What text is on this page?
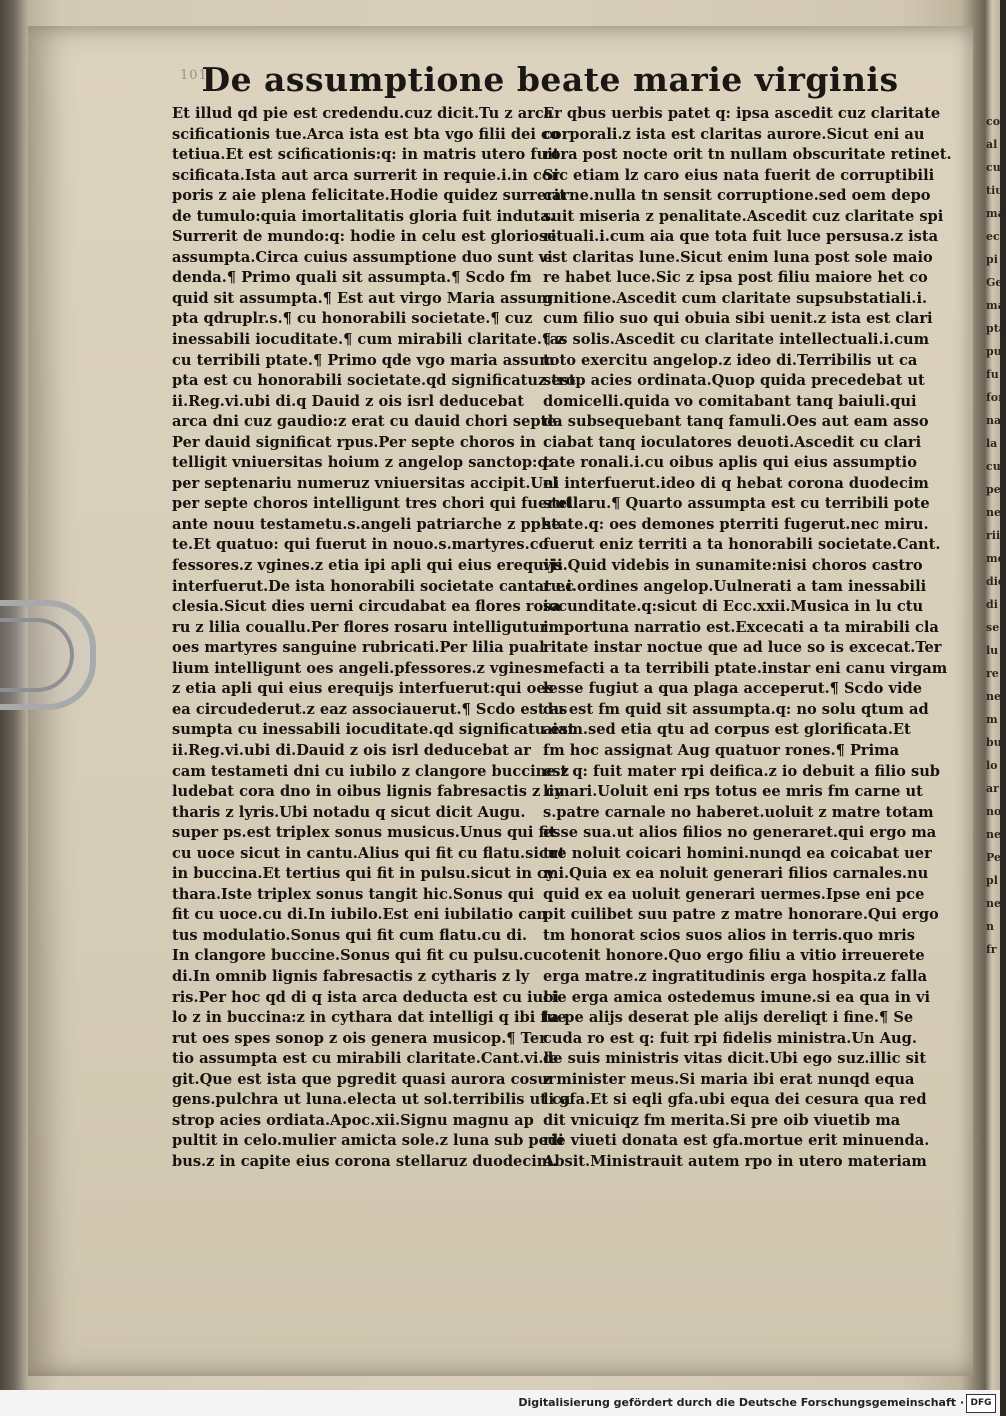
101
De assumptione beate marie virginis
Et illud qd pie est credendu.cuz dicit.Tu z arca
scificationis tue.Arca ista est bta vgo filii dei co
tetiua.Et est scificationis:q: in matris utero fuit
scificata.Ista aut arca surrerit in requie.i.in cor
poris z aie plena felicitate.Hodie quidez surrerit
de tumulo:quia imortalitatis gloria fuit induta.
Surrerit de mundo:q: hodie in celu est gloriose
assumpta.Circa cuius assumptione duo sunt vi
denda.¶ Primo quali sit assumpta.¶ Scdo fm
quid sit assumpta.¶ Est aut virgo Maria assum
pta qdruplr.s.¶ cu honorabili societate.¶ cuz
inessabili iocuditate.¶ cum mirabili claritate.¶ z
cu terribili ptate.¶ Primo qde vgo maria assum
pta est cu honorabili societate.qd significatuz est
ii.Reg.vi.ubi di.q Dauid z ois isrl deducebat
arca dni cuz gaudio:z erat cu dauid chori septe.
Per dauid significat rpus.Per septe choros in
telligit vniuersitas hoium z angelop sanctop:q:
per septenariu numeruz vniuersitas accipit.Uel
per septe choros intelligunt tres chori qui fuerut
ante nouu testametu.s.angeli patriarche z pphe
te.Et quatuo: qui fuerut in nouo.s.martyres.co
fessores.z vgines.z etia ipi apli qui eius erequijs
interfuerut.De ista honorabili societate cantat ec
clesia.Sicut dies uerni circudabat ea flores rosa
ru z lilia couallu.Per flores rosaru intelligutur
oes martyres sanguine rubricati.Per lilia pual
lium intelligunt oes angeli.pfessores.z vgines.
z etia apli qui eius erequijs interfuerut:qui oes
ea circudederut.z eaz associauerut.¶ Scdo est as
sumpta cu inessabili iocuditate.qd significatu est
ii.Reg.vi.ubi di.Dauid z ois isrl deducebat ar
cam testameti dni cu iubilo z clangore buccine.z
ludebat cora dno in oibus lignis fabresactis z cy
tharis z lyris.Ubi notadu q sicut dicit Augu.
super ps.est triplex sonus musicus.Unus qui fit
cu uoce sicut in cantu.Alius qui fit cu flatu.sicut
in buccina.Et tertius qui fit in pulsu.sicut in cy
thara.Iste triplex sonus tangit hic.Sonus qui
fit cu uoce.cu di.In iubilo.Est eni iubilatio can
tus modulatio.Sonus qui fit cum flatu.cu di.
In clangore buccine.Sonus qui fit cu pulsu.cu
di.In omnib lignis fabresactis z cytharis z ly
ris.Per hoc qd di q ista arca deducta est cu iubi
lo z in buccina:z in cythara dat intelligi q ibi fue
rut oes spes sonop z ois genera musicop.¶ Ter
tio assumpta est cu mirabili claritate.Cant.vi.le
git.Que est ista que pgredit quasi aurora cosur
gens.pulchra ut luna.electa ut sol.terribilis ut ca
strop acies ordiata.Apoc.xii.Signu magnu ap
pultit in celo.mulier amicta sole.z luna sub pedi
bus.z in capite eius corona stellaruz duodecim.
Er qbus uerbis patet q: ipsa ascedit cuz claritate
corporali.z ista est claritas aurore.Sicut eni au
rora post nocte orit tn nullam obscuritate retinet.
Sic etiam lz caro eius nata fuerit de corruptibili
carne.nulla tn sensit corruptione.sed oem depo
suit miseria z penalitate.Ascedit cuz claritate spi
rituali.i.cum aia que tota fuit luce persusa.z ista
est claritas lune.Sicut enim luna post sole maio
re habet luce.Sic z ipsa post filiu maiore het co
gnitione.Ascedit cum claritate supsubstatiali.i.
cum filio suo qui obuia sibi uenit.z ista est clari
tas solis.Ascedit cu claritate intellectuali.i.cum
toto exercitu angelop.z ideo di.Terribilis ut ca
strop acies ordinata.Quop quida precedebat ut
domicelli.quida vo comitabant tanq baiuli.qui
da subsequebant tanq famuli.Oes aut eam asso
ciabat tanq ioculatores deuoti.Ascedit cu clari
tate ronali.i.cu oibus aplis qui eius assumptio
ni interfuerut.ideo di q hebat corona duodecim
stellaru.¶ Quarto assumpta est cu terribili pote
state.q: oes demones pterriti fugerut.nec miru.
fuerut eniz territi a ta honorabili societate.Cant.
vii.Quid videbis in sunamite:nisi choros castro
ru.i.ordines angelop.Uulnerati a tam inessabili
iocunditate.q:sicut di Ecc.xxii.Musica in lu ctu
importuna narratio est.Excecati a ta mirabili cla
ritate instar noctue que ad luce so is excecat.Ter
mefacti a ta terribili ptate.instar eni canu virgam
lesse fugiut a qua plaga acceperut.¶ Scdo vide
du est fm quid sit assumpta.q: no solu qtum ad
aiam.sed etia qtu ad corpus est glorificata.Et
fm hoc assignat Aug quatuor rones.¶ Prima
est q: fuit mater rpi deifica.z io debuit a filio sub
limari.Uoluit eni rps totus ee mris fm carne ut
s.patre carnale no haberet.uoluit z matre totam
esse sua.ut alios filios no generaret.qui ergo ma
tre noluit coicari homini.nunqd ea coicabat uer
mi.Quia ex ea noluit generari filios carnales.nu
quid ex ea uoluit generari uermes.Ipse eni pce
pit cuilibet suu patre z matre honorare.Qui ergo
tm honorat scios suos alios in terris.quo mris
cotenit honore.Quo ergo filiu a vitio irreuerete
erga matre.z ingratitudinis erga hospita.z falla
cie erga amica ostedemus imune.si ea qua in vi
ta pe alijs deserat ple alijs dereliqt i fine.¶ Se
cuda ro est q: fuit rpi fidelis ministra.Un Aug.
de suis ministris vitas dicit.Ubi ego suz.illic sit
z minister meus.Si maria ibi erat nunqd equa
li gfa.Et si eqli gfa.ubi equa dei cesura qua red
dit vnicuiqz fm merita.Si pre oib viuetib ma
rie viueti donata est gfa.mortue erit minuenda.
Absit.Ministrauit autem rpo in utero materiam
co
al
cu
tiu
ma
eci
pi
Ge
ma
pta
pu
fu
for
na
la
cu
pe
ne
rii
me
die
di
se
lu
re
ne
m
bu
lo
ar
no
ne
Pe
pl
ne
n
fr
Digitalisierung gefördert durch die Deutsche Forschungsgemeinschaft · DFG
